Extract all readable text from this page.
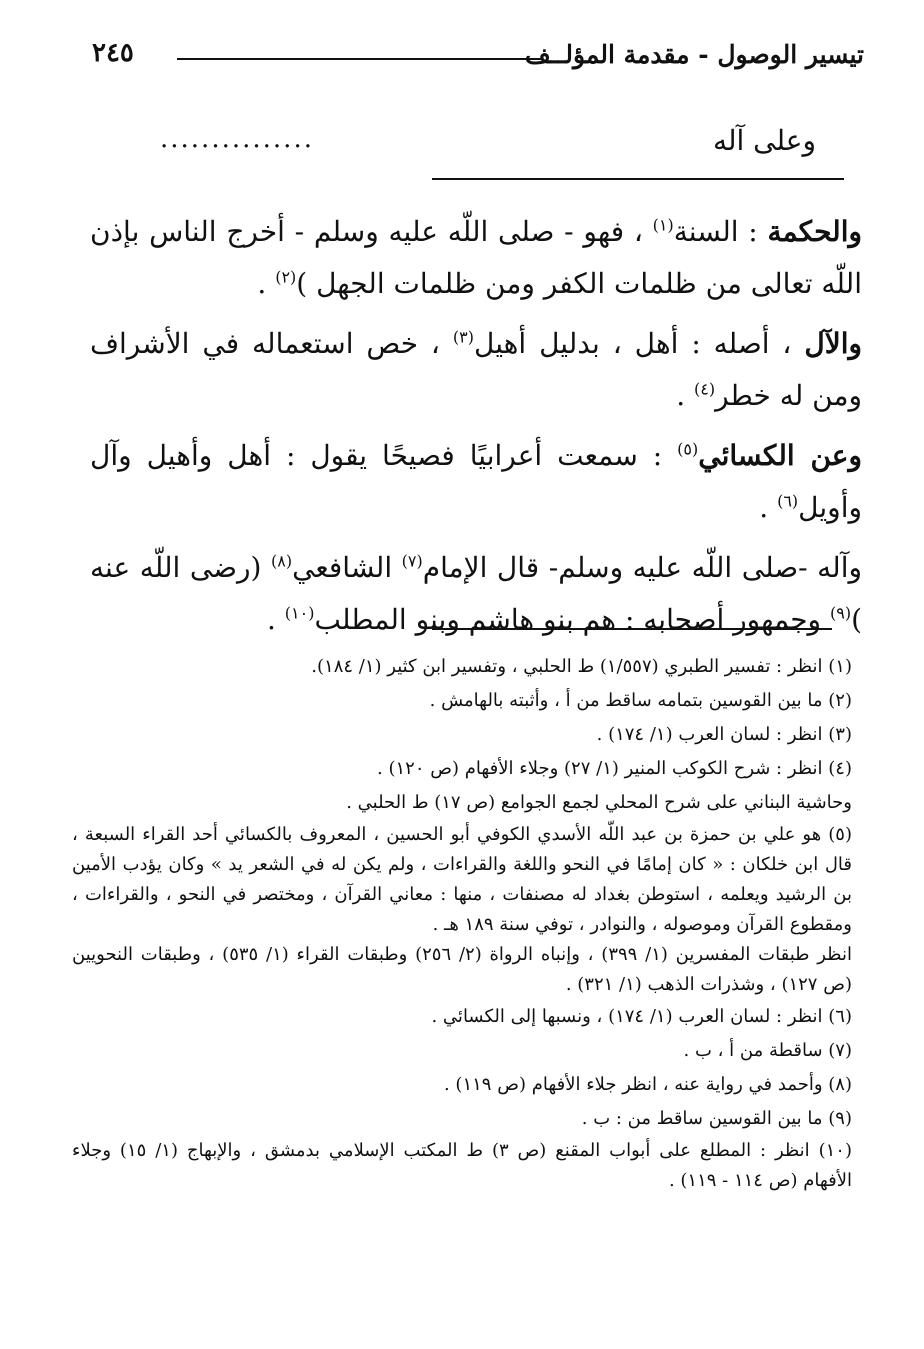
تيسير الوصول - مقدمة المؤلــف
٢٤٥
وعلى آله
...............

والحكمة : السنة$^{(١)}$ ، فهو - صلى اللّه عليه وسلم - أخرج الناس بإذن اللّه تعالى من ظلمات الكفر ومن ظلمات الجهل )$^{(٢)}$ .

والآل ، أصله : أهل ، بدليل أهيل$^{(٣)}$ ، خص استعماله في الأشراف ومن له خطر$^{(٤)}$ .

وعن الكسائي$^{(٥)}$ : سمعت أعرابيًا فصيحًا يقول : أهل وأهيل وآل وأويل$^{(٦)}$ .

وآله -صلى اللّه عليه وسلم- قال الإمام$^{(٧)}$ الشافعي$^{(٨)}$ (رضى اللّه عنه )$^{(٩)}$ وجمهور أصحابه : هم بنو هاشم وبنو المطلب$^{(١٠)}$ .

(١) انظر : تفسير الطبري (١/٥٥٧) ط الحلبي ، وتفسير ابن كثير (١/ ١٨٤).

(٢) ما بين القوسين بتمامه ساقط من أ ، وأثبته بالهامش .

(٣) انظر : لسان العرب (١/ ١٧٤) .

(٤) انظر : شرح الكوكب المنير (١/ ٢٧) وجلاء الأفهام (ص ١٢٠) .

وحاشية البناني على شرح المحلي لجمع الجوامع (ص ١٧) ط الحلبي .

(٥) هو علي بن حمزة بن عبد اللّه الأسدي الكوفي أبو الحسين ، المعروف بالكسائي أحد القراء السبعة ، قال ابن خلكان : « كان إمامًا في النحو واللغة والقراءات ، ولم يكن له في الشعر يد » وكان يؤدب الأمين بن الرشيد ويعلمه ، استوطن بغداد له مصنفات ، منها : معاني القرآن ، ومختصر في النحو ، والقراءات ، ومقطوع القرآن وموصوله ، والنوادر ، توفي سنة ١٨٩ هـ .

انظر طبقات المفسرين (١/ ٣٩٩) ، وإنباه الرواة (٢/ ٢٥٦) وطبقات القراء (١/ ٥٣٥) ، وطبقات النحويين (ص ١٢٧) ، وشذرات الذهب (١/ ٣٢١) .

(٦) انظر : لسان العرب (١/ ١٧٤) ، ونسبها إلى الكسائي .

(٧) ساقطة من أ ، ب .

(٨) وأحمد في رواية عنه ، انظر جلاء الأفهام (ص ١١٩) .

(٩) ما بين القوسين ساقط من : ب .

(١٠) انظر : المطلع على أبواب المقنع (ص ٣) ط المكتب الإسلامي بدمشق ، والإبهاج (١/ ١٥) وجلاء الأفهام (ص ١١٤ - ١١٩) .
